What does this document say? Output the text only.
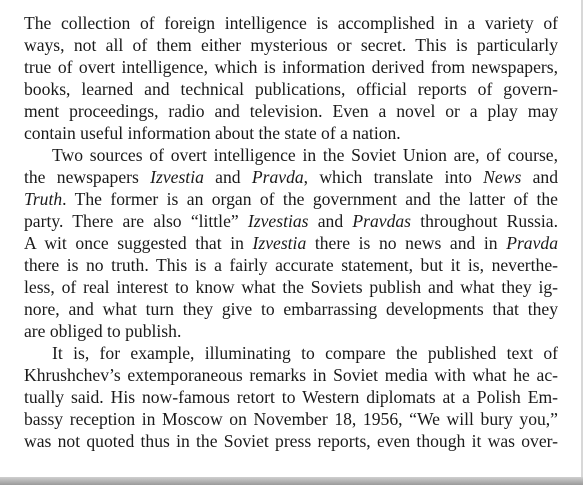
The collection of foreign intelligence is accomplished in a variety of
ways, not all of them either mysterious or secret. This is particularly
true of overt intelligence, which is information derived from newspapers,
books, learned and technical publications, official reports of govern-
ment proceedings, radio and television. Even a novel or a play may
contain useful information about the state of a nation.
Two sources of overt intelligence in the Soviet Union are, of course,
the newspapers Izvestia and Pravda, which translate into News and
Truth. The former is an organ of the government and the latter of the
party. There are also “little” Izvestias and Pravdas throughout Russia.
A wit once suggested that in Izvestia there is no news and in Pravda
there is no truth. This is a fairly accurate statement, but it is, neverthe-
less, of real interest to know what the Soviets publish and what they ig-
nore, and what turn they give to embarrassing developments that they
are obliged to publish.
It is, for example, illuminating to compare the published text of
Khrushchev’s extemporaneous remarks in Soviet media with what he ac-
tually said. His now-famous retort to Western diplomats at a Polish Em-
bassy reception in Moscow on November 18, 1956, “We will bury you,”
was not quoted thus in the Soviet press reports, even though it was over-
